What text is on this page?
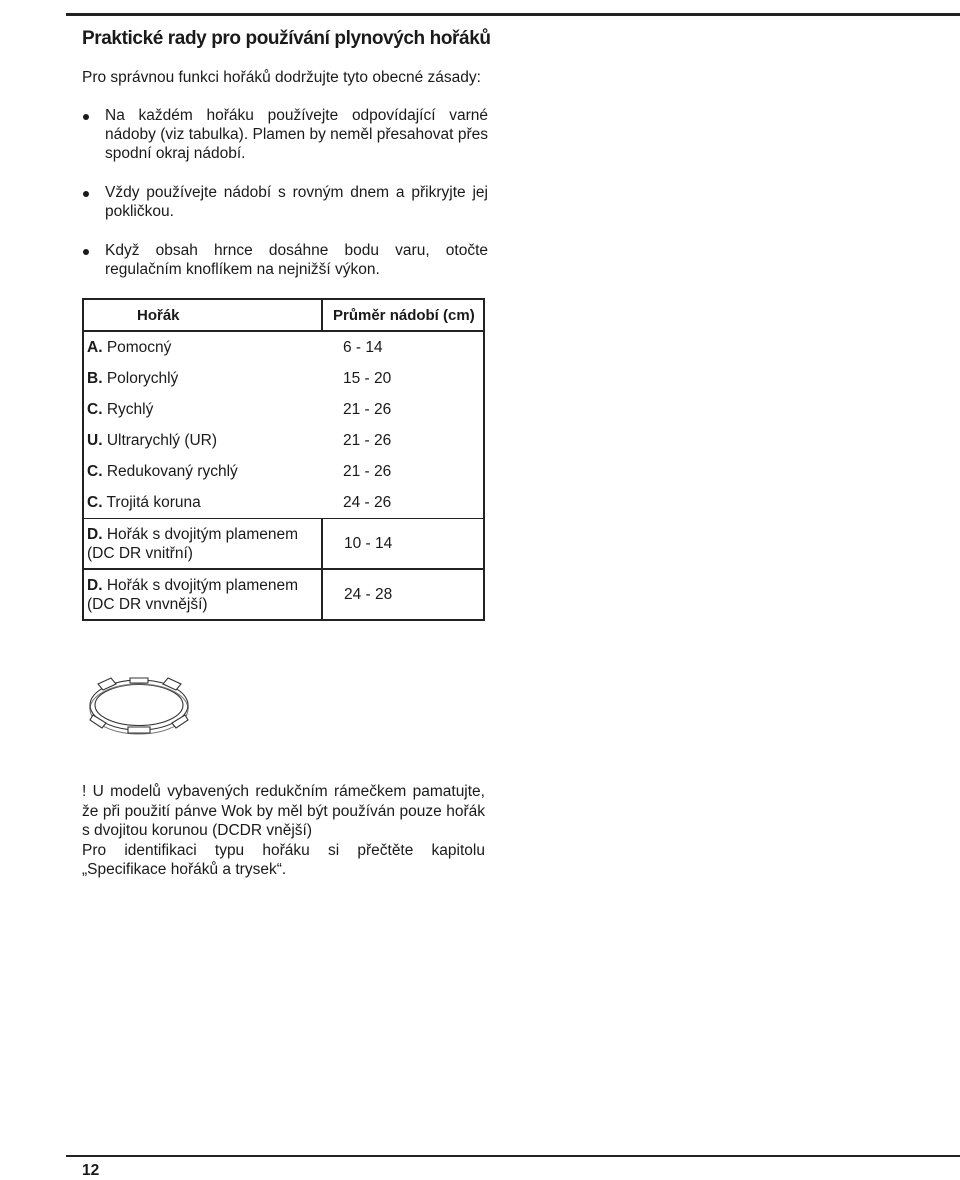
Praktické rady pro používání plynových hořáků

Pro správnou funkci hořáků dodržujte tyto obecné zásady:

Na každém hořáku používejte odpovídající varné nádoby (viz tabulka). Plamen by neměl přesahovat přes spodní okraj nádobí.
Vždy používejte nádobí s rovným dnem a přikryjte jej pokličkou.
Když obsah hrnce dosáhne bodu varu, otočte regulačním knoflíkem na nejnižší výkon.
Hořák	Průměr nádobí (cm)
A. Pomocný	6 - 14
B. Polorychlý	15 - 20
C. Rychlý	21 - 26
U. Ultrarychlý (UR)	21 - 26
C. Redukovaný rychlý	21 - 26
C. Trojitá koruna	24 - 26
D. Hořák s dvojitým plamenem
(DC DR vnitřní)	10 - 14
D. Hořák s dvojitým plamenem
(DC DR vnvnější)	24 - 28

! U modelů vybavených redukčním rámečkem pamatujte, že při použití pánve Wok by měl být používán pouze hořák s dvojitou korunou (DCDR vnější)

Pro identifikaci typu hořáku si přečtěte kapitolu „Specifikace hořáků a trysek“.

12
